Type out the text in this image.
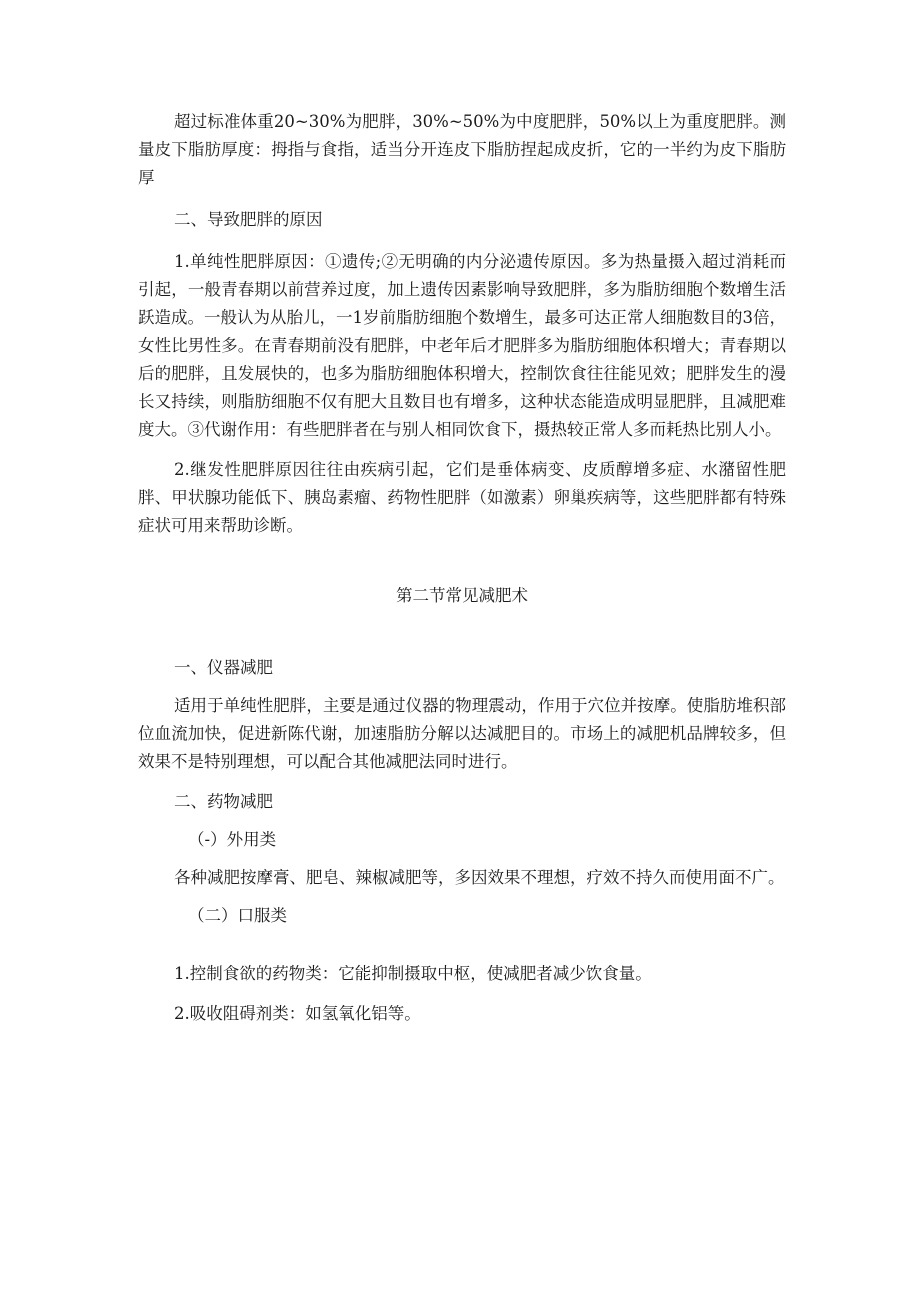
超过标准体重20~30%为肥胖，30%~50%为中度肥胖，50%以上为重度肥胖。测量皮下脂肪厚度：拇指与食指，适当分开连皮下脂肪捏起成皮折，它的一半约为皮下脂肪厚

二、导致肥胖的原因

1.单纯性肥胖原因：①遗传;②无明确的内分泌遗传原因。多为热量摄入超过消耗而引起，一般青春期以前营养过度，加上遗传因素影响导致肥胖，多为脂肪细胞个数增生活跃造成。一般认为从胎儿，一1岁前脂肪细胞个数增生，最多可达正常人细胞数目的3倍，女性比男性多。在青春期前没有肥胖，中老年后才肥胖多为脂肪细胞体积增大；青春期以后的肥胖，且发展快的，也多为脂肪细胞体积增大，控制饮食往往能见效；肥胖发生的漫长又持续，则脂肪细胞不仅有肥大且数目也有增多，这种状态能造成明显肥胖，且减肥难度大。③代谢作用：有些肥胖者在与别人相同饮食下，摄热较正常人多而耗热比别人小。

2.继发性肥胖原因往往由疾病引起，它们是垂体病变、皮质醇增多症、水潴留性肥胖、甲状腺功能低下、胰岛素瘤、药物性肥胖（如激素）卵巢疾病等，这些肥胖都有特殊症状可用来帮助诊断。

第二节常见减肥术

一、仪器减肥

适用于单纯性肥胖，主要是通过仪器的物理震动，作用于穴位并按摩。使脂肪堆积部位血流加快，促进新陈代谢，加速脂肪分解以达减肥目的。市场上的减肥机品牌较多，但效果不是特别理想，可以配合其他减肥法同时进行。

二、药物减肥

（-）外用类

各种减肥按摩膏、肥皂、辣椒减肥等，多因效果不理想，疗效不持久而使用面不广。

（二）口服类

1.控制食欲的药物类：它能抑制摄取中枢，使减肥者减少饮食量。

2.吸收阻碍剂类：如氢氧化铝等。
